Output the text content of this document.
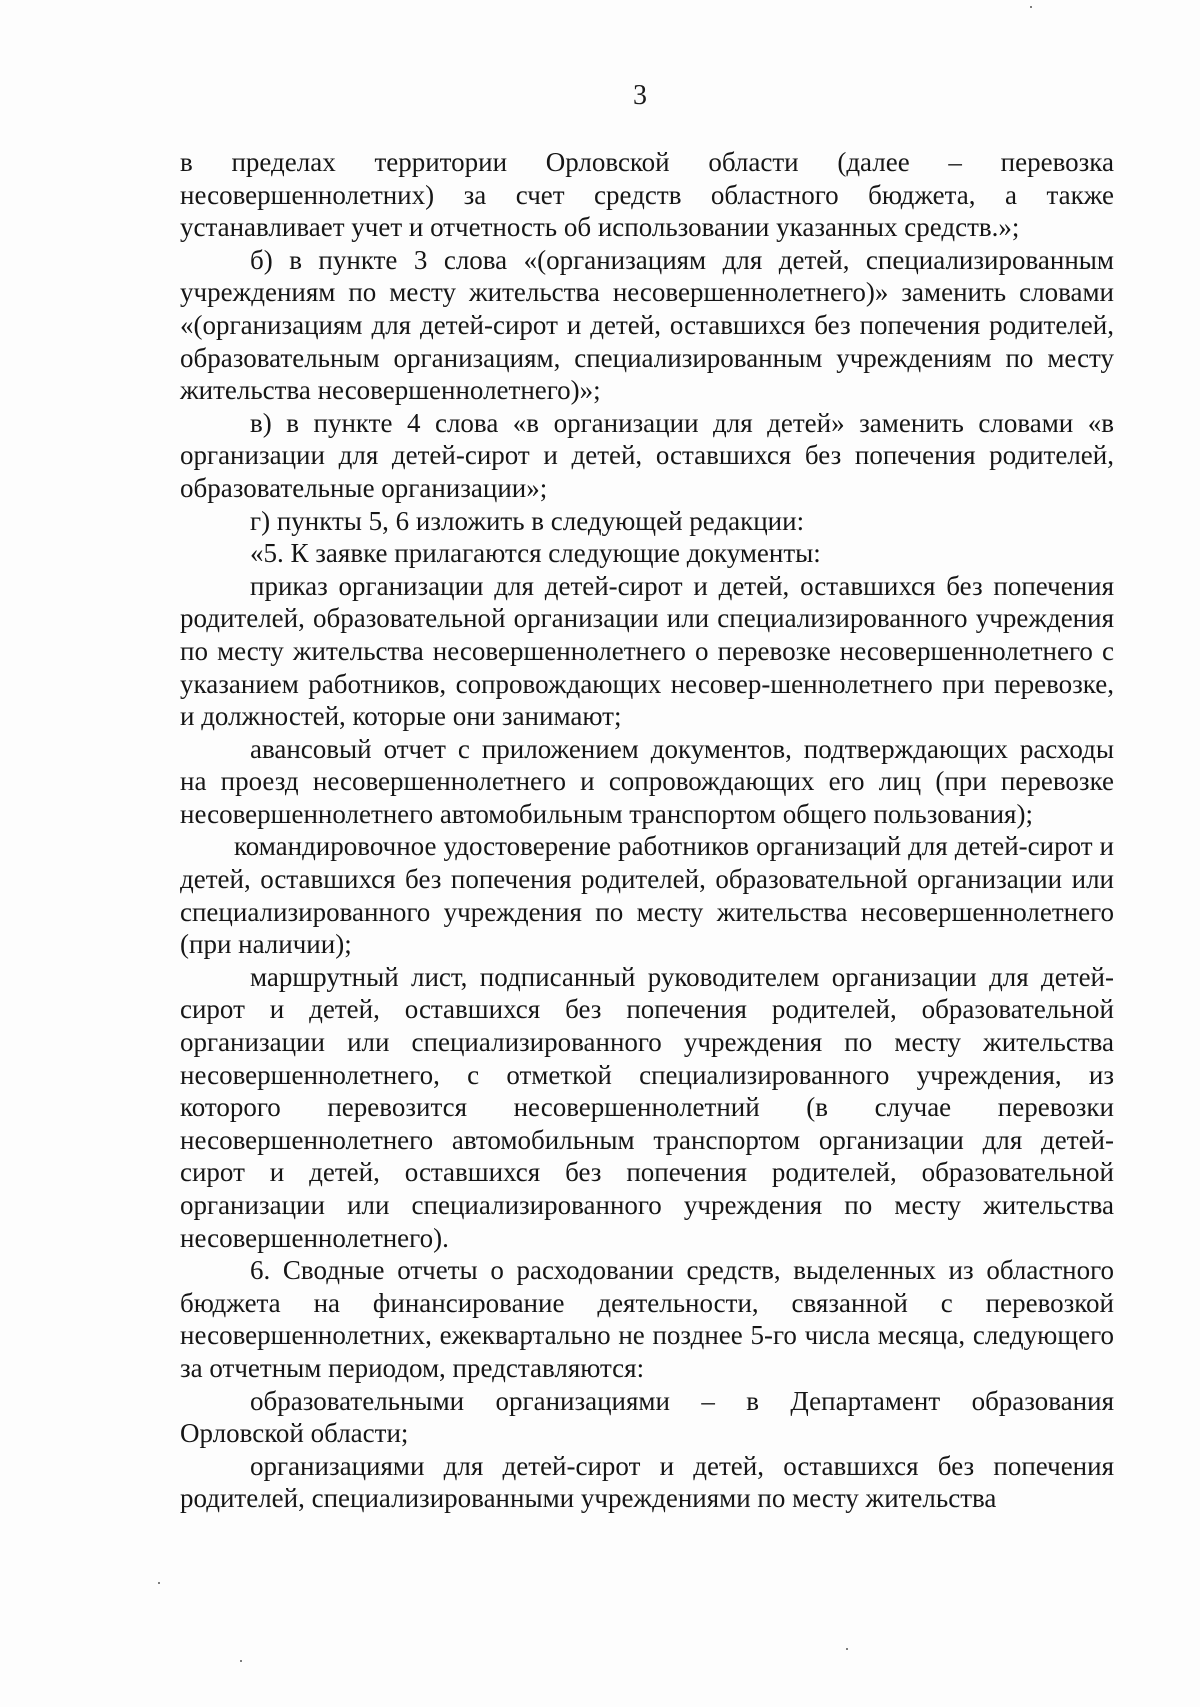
3

в пределах территории Орловской области (далее – перевозка несовершеннолетних) за счет средств областного бюджета, а также устанавливает учет и отчетность об использовании указанных средств.»;

б) в пункте 3 слова «(организациям для детей, специализированным учреждениям по месту жительства несовершеннолетнего)» заменить словами «(организациям для детей-сирот и детей, оставшихся без попечения родителей, образовательным организациям, специализированным учреждениям по месту жительства несовершеннолетнего)»;

в) в пункте 4 слова «в организации для детей» заменить словами «в организации для детей-сирот и детей, оставшихся без попечения родителей, образовательные организации»;

г) пункты 5, 6 изложить в следующей редакции:

«5. К заявке прилагаются следующие документы:

приказ организации для детей-сирот и детей, оставшихся без попечения родителей, образовательной организации или специализированного учреждения по месту жительства несовершеннолетнего о перевозке несовершеннолетнего с указанием работников, сопровождающих несовер-шеннолетнего при перевозке, и должностей, которые они занимают;

авансовый отчет с приложением документов, подтверждающих расходы на проезд несовершеннолетнего и сопровождающих его лиц (при перевозке несовершеннолетнего автомобильным транспортом общего пользования);

командировочное удостоверение работников организаций для детей-сирот и детей, оставшихся без попечения родителей, образовательной организации или специализированного учреждения по месту жительства несовершеннолетнего (при наличии);

маршрутный лист, подписанный руководителем организации для детей-сирот и детей, оставшихся без попечения родителей, образовательной организации или специализированного учреждения по месту жительства несовершеннолетнего, с отметкой специализированного учреждения, из которого перевозится несовершеннолетний (в случае перевозки несовершеннолетнего автомобильным транспортом организации для детей-сирот и детей, оставшихся без попечения родителей, образовательной организации или специализированного учреждения по месту жительства несовершеннолетнего).

6. Сводные отчеты о расходовании средств, выделенных из областного бюджета на финансирование деятельности, связанной с перевозкой несовершеннолетних, ежеквартально не позднее 5-го числа месяца, следующего за отчетным периодом, представляются:

образовательными организациями – в Департамент образования Орловской области;

организациями для детей-сирот и детей, оставшихся без попечения родителей, специализированными учреждениями по месту жительства
